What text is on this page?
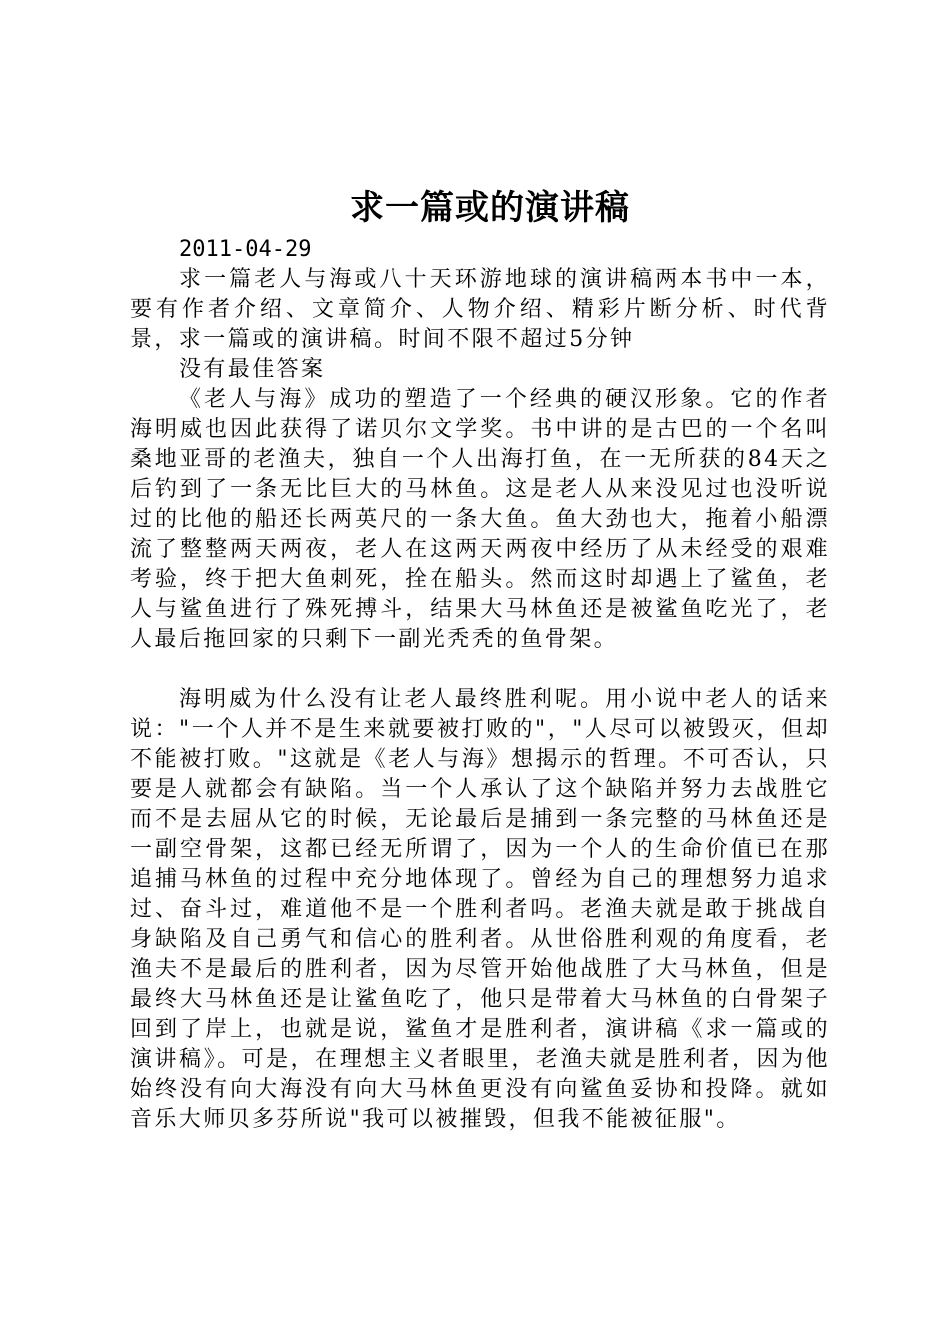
求一篇或的演讲稿

2011-04-29

求一篇老人与海或八十天环游地球的演讲稿两本书中一本，要有作者介绍、文章简介、人物介绍、精彩片断分析、时代背景，求一篇或的演讲稿。时间不限不超过5分钟

没有最佳答案

《老人与海》成功的塑造了一个经典的硬汉形象。它的作者海明威也因此获得了诺贝尔文学奖。书中讲的是古巴的一个名叫桑地亚哥的老渔夫，独自一个人出海打鱼，在一无所获的84天之后钓到了一条无比巨大的马林鱼。这是老人从来没见过也没听说过的比他的船还长两英尺的一条大鱼。鱼大劲也大，拖着小船漂流了整整两天两夜，老人在这两天两夜中经历了从未经受的艰难考验，终于把大鱼刺死，拴在船头。然而这时却遇上了鲨鱼，老人与鲨鱼进行了殊死搏斗，结果大马林鱼还是被鲨鱼吃光了，老人最后拖回家的只剩下一副光秃秃的鱼骨架。

海明威为什么没有让老人最终胜利呢。用小说中老人的话来说："一个人并不是生来就要被打败的"，"人尽可以被毁灭，但却不能被打败。"这就是《老人与海》想揭示的哲理。不可否认，只要是人就都会有缺陷。当一个人承认了这个缺陷并努力去战胜它而不是去屈从它的时候，无论最后是捕到一条完整的马林鱼还是一副空骨架，这都已经无所谓了，因为一个人的生命价值已在那追捕马林鱼的过程中充分地体现了。曾经为自己的理想努力追求过、奋斗过，难道他不是一个胜利者吗。老渔夫就是敢于挑战自身缺陷及自己勇气和信心的胜利者。从世俗胜利观的角度看，老渔夫不是最后的胜利者，因为尽管开始他战胜了大马林鱼，但是最终大马林鱼还是让鲨鱼吃了，他只是带着大马林鱼的白骨架子回到了岸上，也就是说，鲨鱼才是胜利者，演讲稿《求一篇或的演讲稿》。可是，在理想主义者眼里，老渔夫就是胜利者，因为他始终没有向大海没有向大马林鱼更没有向鲨鱼妥协和投降。就如音乐大师贝多芬所说"我可以被摧毁，但我不能被征服"。
